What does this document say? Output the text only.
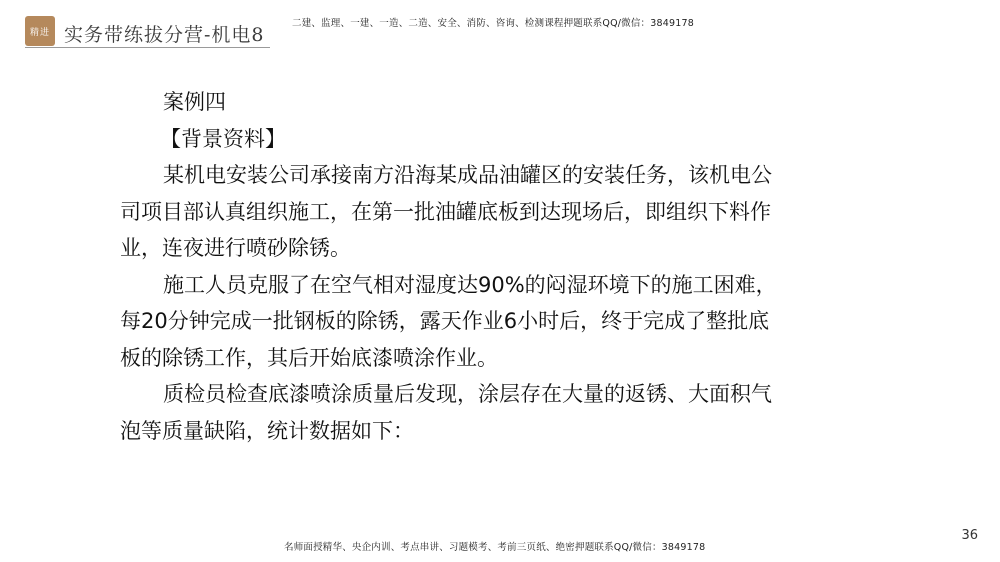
精进 实务带练拔分营-机电8
二建、监理、一建、一造、二造、安全、消防、咨询、检测课程押题联系QQ/微信：3849178
案例四
【背景资料】
某机电安装公司承接南方沿海某成品油罐区的安装任务，该机电公
司项目部认真组织施工，在第一批油罐底板到达现场后，即组织下料作
业，连夜进行喷砂除锈。
施工人员克服了在空气相对湿度达90%的闷湿环境下的施工困难，
每20分钟完成一批钢板的除锈，露天作业6小时后，终于完成了整批底
板的除锈工作，其后开始底漆喷涂作业。
质检员检查底漆喷涂质量后发现，涂层存在大量的返锈、大面积气
泡等质量缺陷，统计数据如下：
36
名师面授精华、央企内训、考点串讲、习题模考、考前三页纸、绝密押题联系QQ/微信：3849178
